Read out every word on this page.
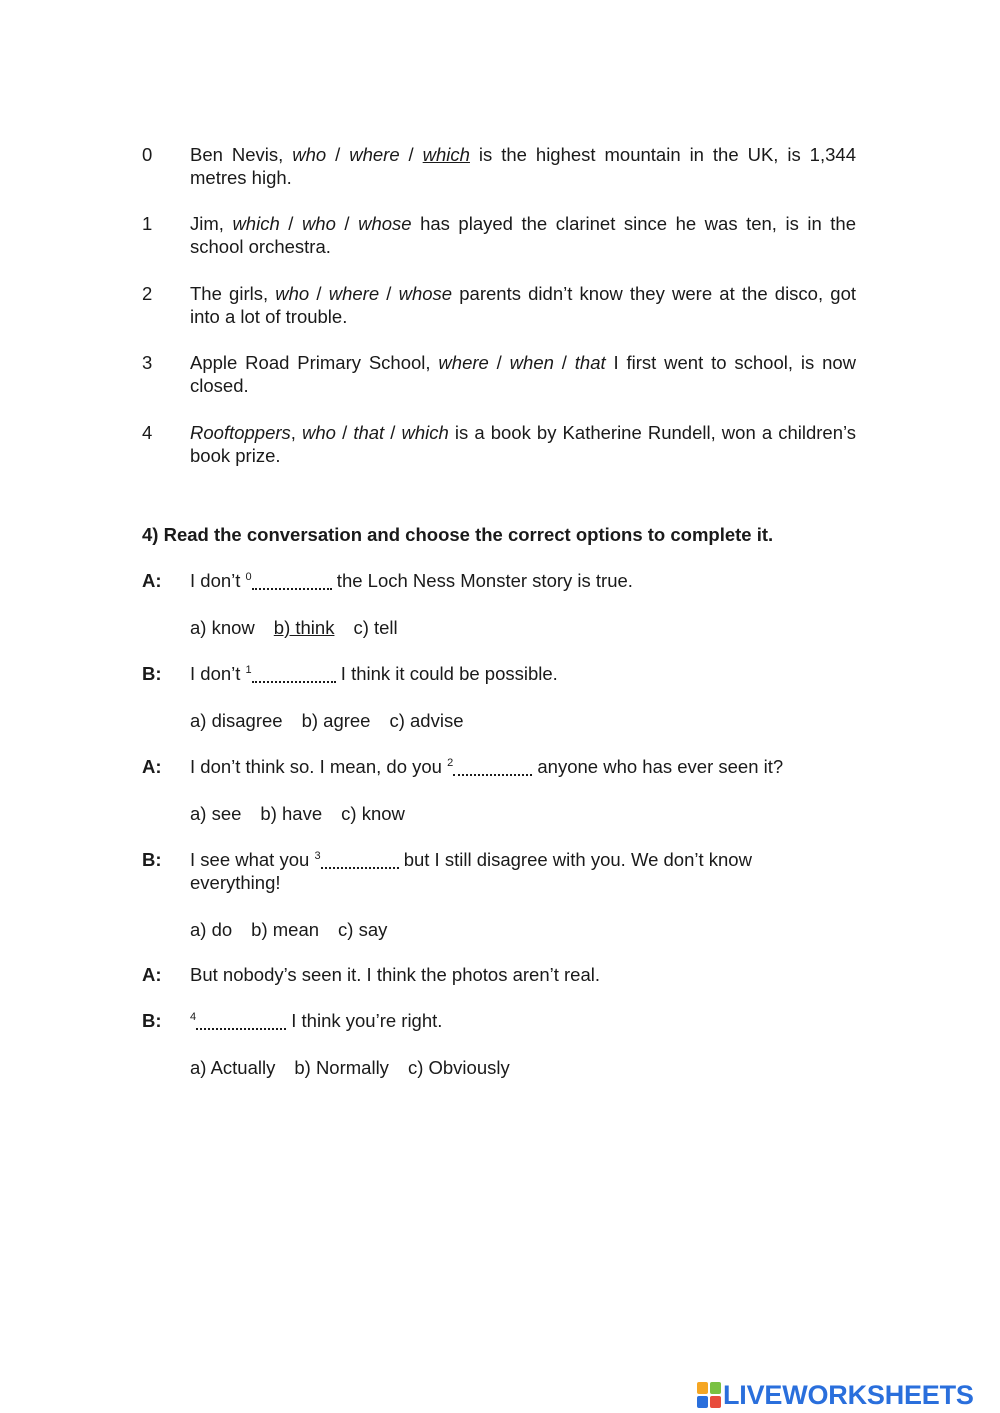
0	Ben Nevis, who / where / which is the highest mountain in the UK, is 1,344 metres high.
1	Jim, which / who / whose has played the clarinet since he was ten, is in the school orchestra.
2	The girls, who / where / whose parents didn’t know they were at the disco, got into a lot of trouble.
3	Apple Road Primary School, where / when / that I first went to school, is now closed.
4	Rooftoppers, who / that / which is a book by Katherine Rundell, won a children’s book prize.
4) Read the conversation and choose the correct options to complete it.
A: I don’t $^0$	the Loch Ness Monster story is true.
a) know b) think c) tell
B: I don’t $^1$	I think it could be possible.
a) disagree b) agree c) advise
A: I don’t think so. I mean, do you $^2$	anyone who has ever seen it?
a) see b) have c) know
B: I see what you $^3$	but I still disagree with you. We don’t know
everything!
a) do b) mean c) say
A: But nobody’s seen it. I think the photos aren’t real.
B:	$^4$	I think you’re right.
a) Actually b) Normally c) Obviously
LIVEWORKSHEETS
